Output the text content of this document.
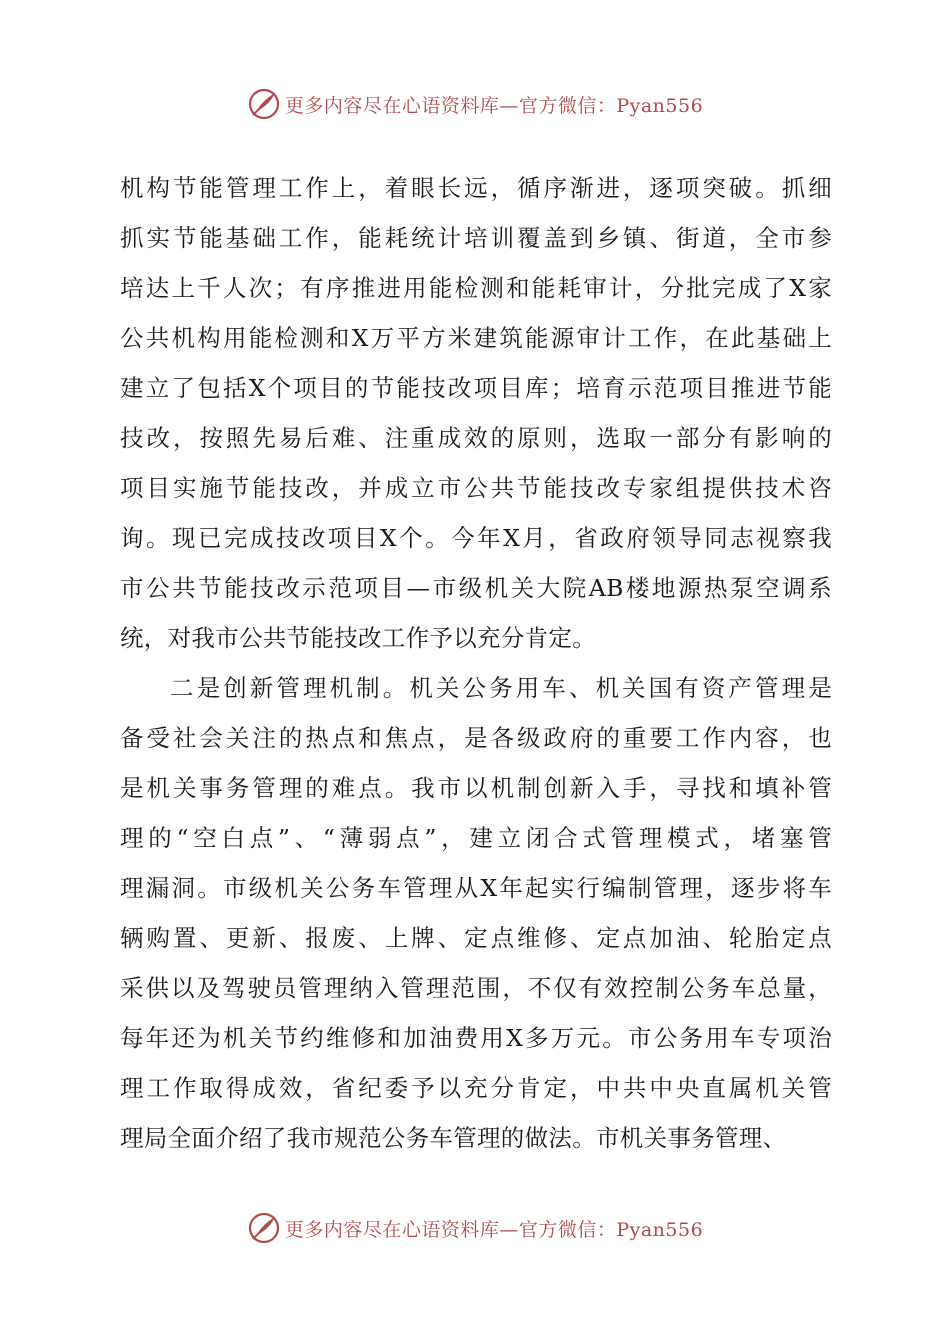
更多内容尽在心语资料库—官方微信：Pyan556
机构节能管理工作上，着眼长远，循序渐进，逐项突破。抓细
抓实节能基础工作，能耗统计培训覆盖到乡镇、街道，全市参
培达上千人次；有序推进用能检测和能耗审计，分批完成了X家
公共机构用能检测和X万平方米建筑能源审计工作，在此基础上
建立了包括X个项目的节能技改项目库；培育示范项目推进节能
技改，按照先易后难、注重成效的原则，选取一部分有影响的
项目实施节能技改，并成立市公共节能技改专家组提供技术咨
询。现已完成技改项目X个。今年X月，省政府领导同志视察我
市公共节能技改示范项目—市级机关大院AB楼地源热泵空调系
统，对我市公共节能技改工作予以充分肯定。
二是创新管理机制。机关公务用车、机关国有资产管理是
备受社会关注的热点和焦点，是各级政府的重要工作内容，也
是机关事务管理的难点。我市以机制创新入手，寻找和填补管
理的“空白点”、“薄弱点”，建立闭合式管理模式，堵塞管
理漏洞。市级机关公务车管理从X年起实行编制管理，逐步将车
辆购置、更新、报废、上牌、定点维修、定点加油、轮胎定点
采供以及驾驶员管理纳入管理范围，不仅有效控制公务车总量，
每年还为机关节约维修和加油费用X多万元。市公务用车专项治
理工作取得成效，省纪委予以充分肯定，中共中央直属机关管
理局全面介绍了我市规范公务车管理的做法。市机关事务管理、
更多内容尽在心语资料库—官方微信：Pyan556
